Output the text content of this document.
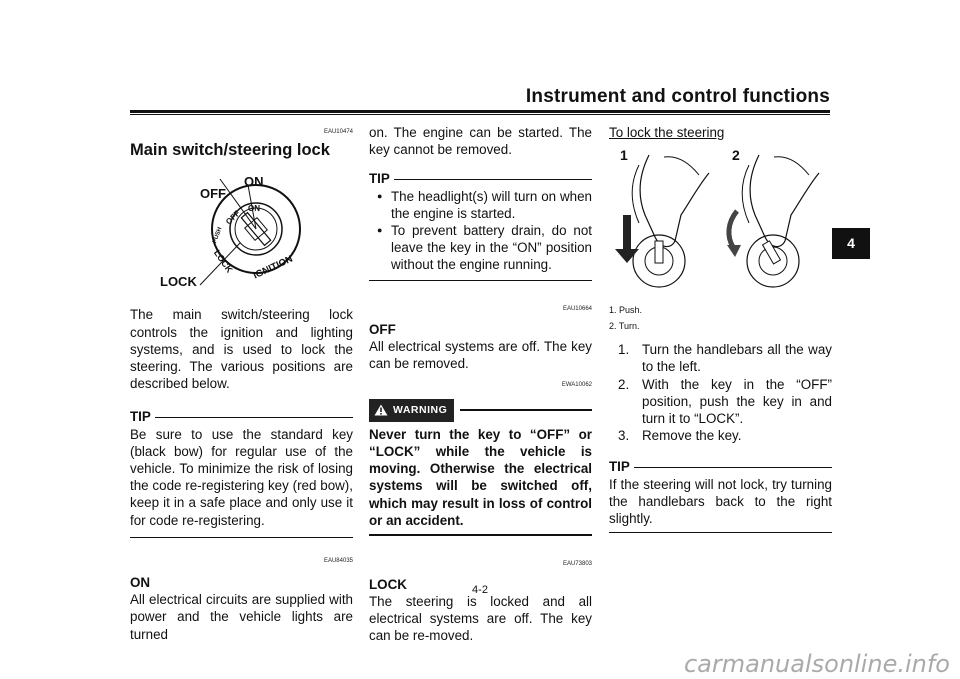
Instrument and control functions
4
EAU10474
Main switch/steering lock
OFF
ON
LOCK
ON
OFF
PUSH
LOCK IGNITION
The main switch/steering lock controls the ignition and lighting systems, and is used to lock the steering. The various positions are described below.
TIP
Be sure to use the standard key (black bow) for regular use of the vehicle. To minimize the risk of losing the code re-registering key (red bow), keep it in a safe place and only use it for code re-registering.
EAU84035
ON
All electrical circuits are supplied with power and the vehicle lights are turned
on. The engine can be started. The key cannot be removed.
TIP
● The headlight(s) will turn on when the engine is started.
● To prevent battery drain, do not leave the key in the “ON” position without the engine running.
EAU10664
OFF
All electrical systems are off. The key can be removed.
EWA10062
WARNING
Never turn the key to “OFF” or “LOCK” while the vehicle is moving. Otherwise the electrical systems will be switched off, which may result in loss of control or an accident.
EAU73803
LOCK
The steering is locked and all electrical systems are off. The key can be re-moved.
To lock the steering
1	2
1. Push.
2. Turn.
1. Turn the handlebars all the way to the left.
2. With the key in the “OFF” position, push the key in and turn it to “LOCK”.
3. Remove the key.
TIP
If the steering will not lock, try turning the handlebars back to the right slightly.
4-2
carmanualsonline.info
